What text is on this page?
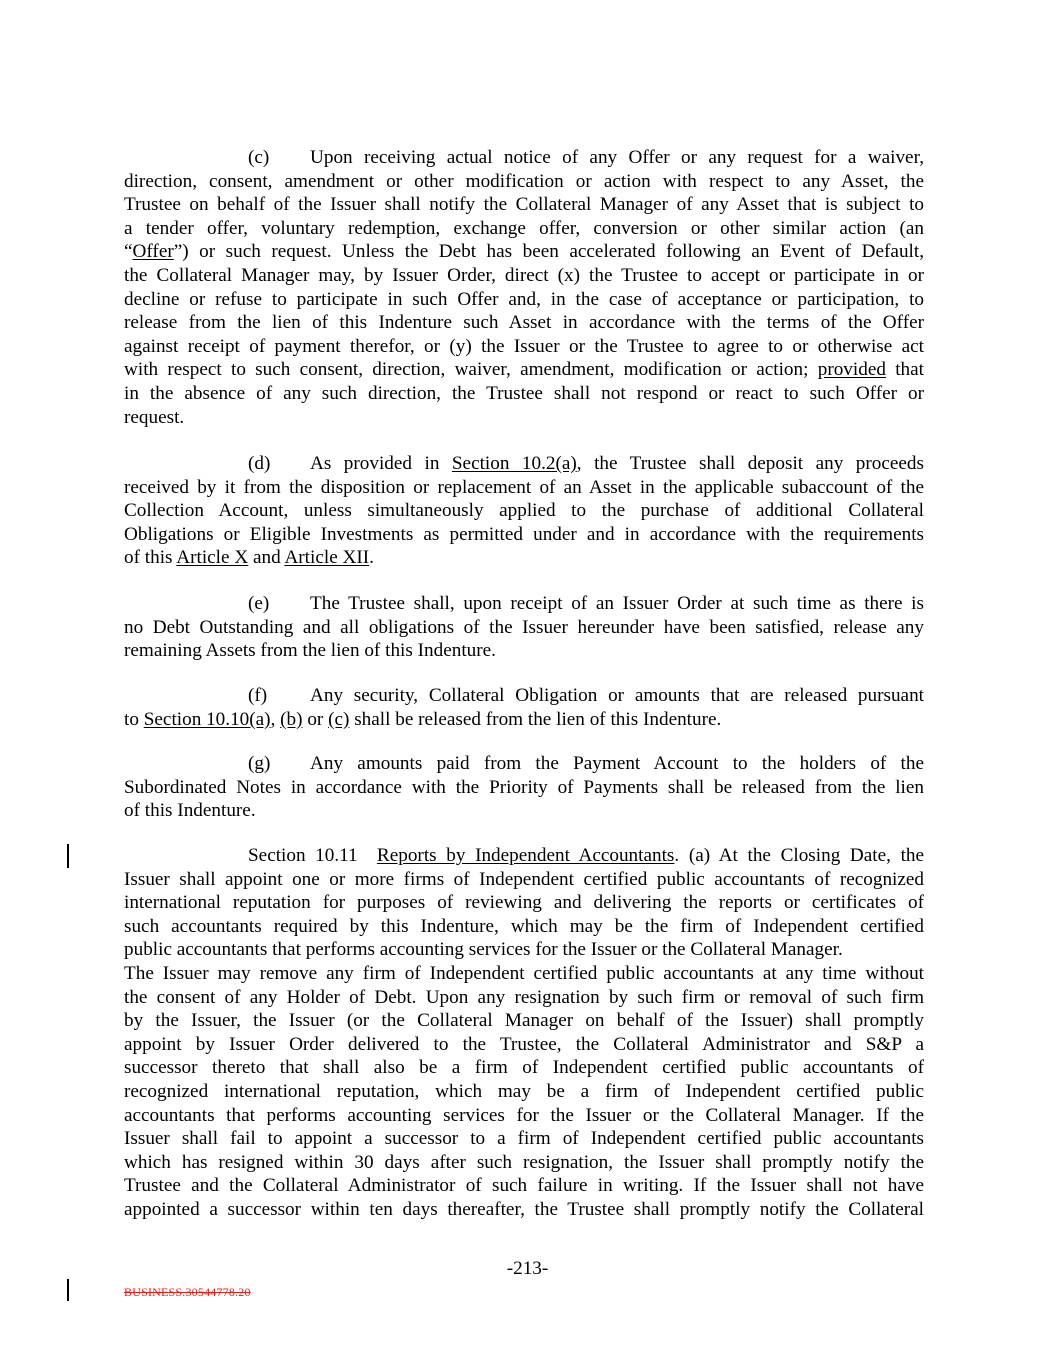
(c) Upon receiving actual notice of any Offer or any request for a waiver,
direction, consent, amendment or other modification or action with respect to any Asset, the
Trustee on behalf of the Issuer shall notify the Collateral Manager of any Asset that is subject to
a tender offer, voluntary redemption, exchange offer, conversion or other similar action (an
“Offer”) or such request. Unless the Debt has been accelerated following an Event of Default,
the Collateral Manager may, by Issuer Order, direct (x) the Trustee to accept or participate in or
decline or refuse to participate in such Offer and, in the case of acceptance or participation, to
release from the lien of this Indenture such Asset in accordance with the terms of the Offer
against receipt of payment therefor, or (y) the Issuer or the Trustee to agree to or otherwise act
with respect to such consent, direction, waiver, amendment, modification or action; provided that
in the absence of any such direction, the Trustee shall not respond or react to such Offer or
request.
(d) As provided in Section 10.2(a), the Trustee shall deposit any proceeds
received by it from the disposition or replacement of an Asset in the applicable subaccount of the
Collection Account, unless simultaneously applied to the purchase of additional Collateral
Obligations or Eligible Investments as permitted under and in accordance with the requirements
of this Article X and Article XII.
(e) The Trustee shall, upon receipt of an Issuer Order at such time as there is
no Debt Outstanding and all obligations of the Issuer hereunder have been satisfied, release any
remaining Assets from the lien of this Indenture.
(f) Any security, Collateral Obligation or amounts that are released pursuant
to Section 10.10(a), (b) or (c) shall be released from the lien of this Indenture.
(g) Any amounts paid from the Payment Account to the holders of the
Subordinated Notes in accordance with the Priority of Payments shall be released from the lien
of this Indenture.
Section 10.11 Reports by Independent Accountants. (a) At the Closing Date, the
Issuer shall appoint one or more firms of Independent certified public accountants of recognized
international reputation for purposes of reviewing and delivering the reports or certificates of
such accountants required by this Indenture, which may be the firm of Independent certified
public accountants that performs accounting services for the Issuer or the Collateral Manager.
The Issuer may remove any firm of Independent certified public accountants at any time without
the consent of any Holder of Debt. Upon any resignation by such firm or removal of such firm
by the Issuer, the Issuer (or the Collateral Manager on behalf of the Issuer) shall promptly
appoint by Issuer Order delivered to the Trustee, the Collateral Administrator and S&P a
successor thereto that shall also be a firm of Independent certified public accountants of
recognized international reputation, which may be a firm of Independent certified public
accountants that performs accounting services for the Issuer or the Collateral Manager. If the
Issuer shall fail to appoint a successor to a firm of Independent certified public accountants
which has resigned within 30 days after such resignation, the Issuer shall promptly notify the
Trustee and the Collateral Administrator of such failure in writing. If the Issuer shall not have
appointed a successor within ten days thereafter, the Trustee shall promptly notify the Collateral
-213-
BUSINESS.30544778.20
